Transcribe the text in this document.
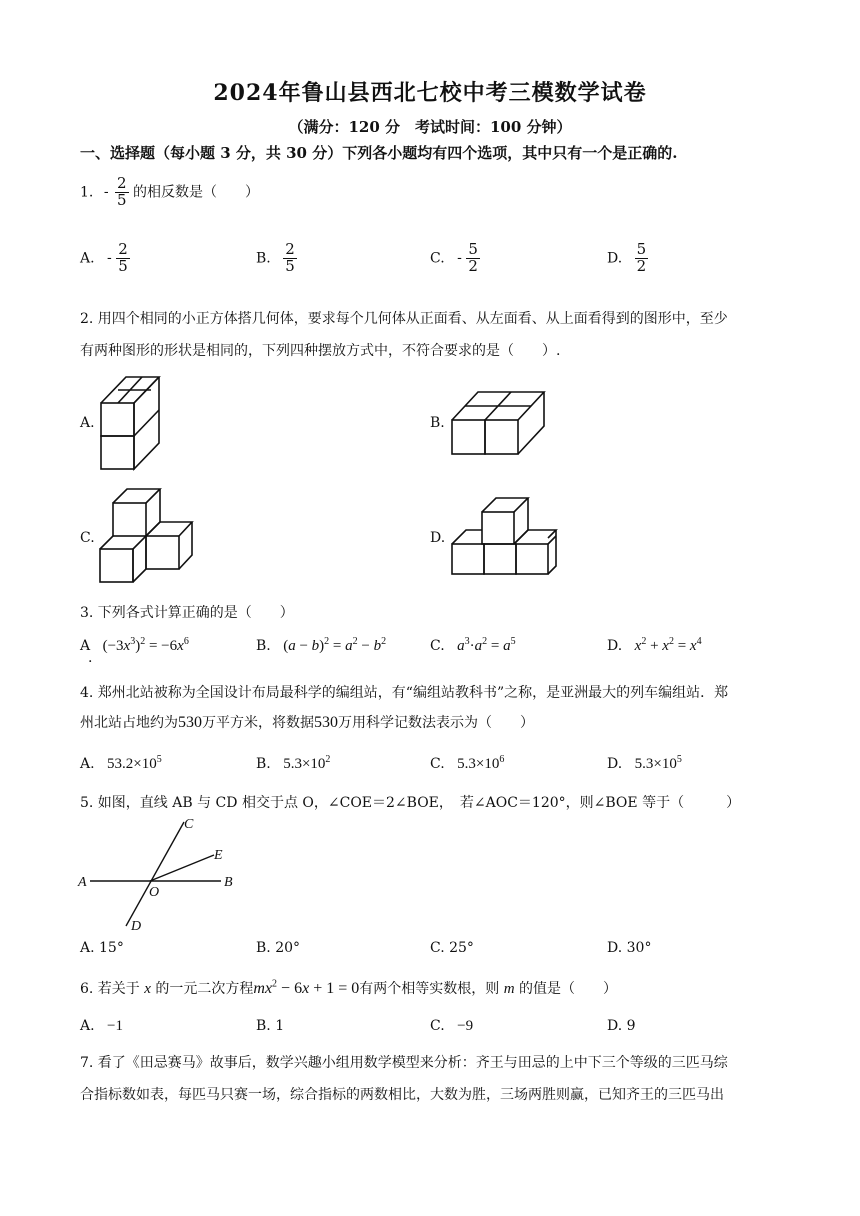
2024年鲁山县西北七校中考三模数学试卷
（满分：120 分　考试时间：100 分钟）
一、选择题（每小题 3 分，共 30 分）下列各小题均有四个选项，其中只有一个是正确的.
1. - $\frac{2}{5}$ 的相反数是（　　）
A. - $\frac{2}{5}$	B. $\frac{2}{5}$	C. - $\frac{5}{2}$	D. $\frac{5}{2}$
2. 用四个相同的小正方体搭几何体，要求每个几何体从正面看、从左面看、从上面看得到的图形中，至少
有两种图形的形状是相同的，下列四种摆放方式中，不符合要求的是（　　）.
A.	B.
C.	D.
3. 下列各式计算正确的是（　　）
A $(-3x^3)^2 = -6x^6$
.
B. $(a - b)^2 = a^2 - b^2$	C. $a^3\cdot a^2 = a^5$	D. $x^2 + x^2 = x^4$
4. 郑州北站被称为全国设计布局最科学的编组站，有“编组站教科书”之称，是亚洲最大的列车编组站．郑
州北站占地约为530万平方米，将数据530万用科学记数法表示为（　　）
A. $53.2\times 10^5$	B. $5.3\times 10^2$	C. $5.3\times 10^6$	D. $5.3\times 10^5$
5. 如图，直线 AB 与 CD 相交于点 O，∠COE＝2∠BOE，　若∠AOC＝120°，则∠BOE 等于（　　　）
A	B
C
D
E
O
A. 15°	B. 20°	C. 25°	D. 30°
6. 若关于 x 的一元二次方程$mx^2 - 6x + 1 = 0$有两个相等实数根，则 m 的值是（　　）
A. −1	B. 1	C. −9	D. 9
7. 看了《田忌赛马》故事后，数学兴趣小组用数学模型来分析：齐王与田忌的上中下三个等级的三匹马综
合指标数如表，每匹马只赛一场，综合指标的两数相比，大数为胜，三场两胜则赢，已知齐王的三匹马出
